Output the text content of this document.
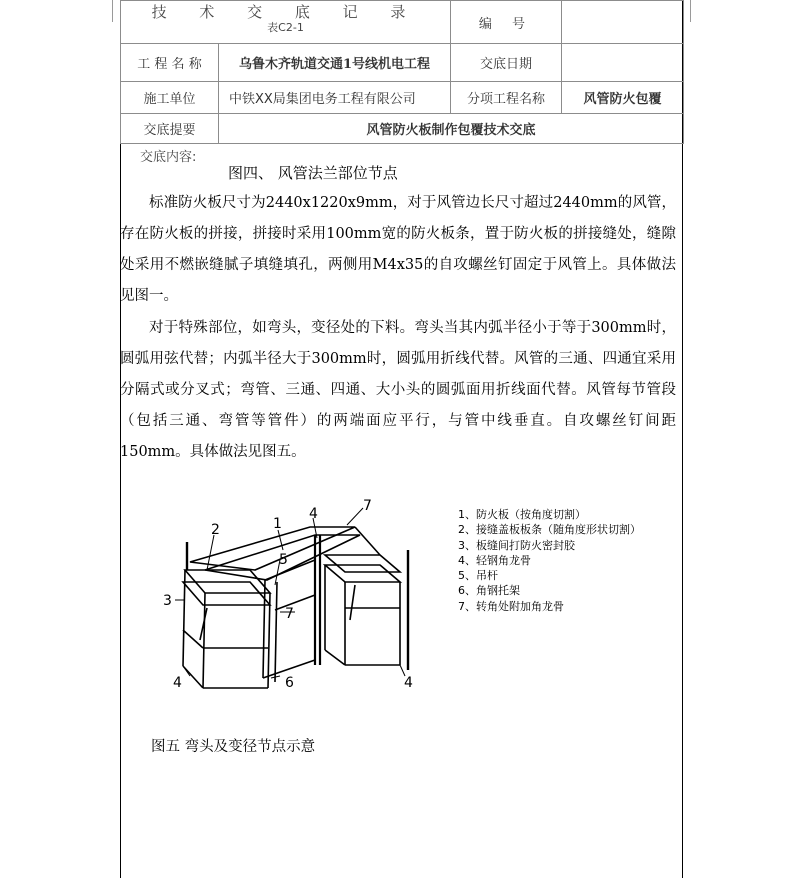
技 术 交 底 记 录
表C2-1		编 号	
工 程 名 称	乌鲁木齐轨道交通1号线机电工程	交底日期	
施工单位	中铁XX局集团电务工程有限公司	分项工程名称	风管防火包覆
交底提要	风管防火板制作包覆技术交底		
交底内容:
图四、 风管法兰部位节点
标准防火板尺寸为2440x1220x9mm，对于风管边长尺寸超过2440mm的风管，存在防火板的拼接，拼接时采用100mm宽的防火板条，置于防火板的拼接缝处，缝隙处采用不燃嵌缝腻子填缝填孔，两侧用M4x35的自攻螺丝钉固定于风管上。具体做法见图一。
对于特殊部位，如弯头，变径处的下料。弯头当其内弧半径小于等于300mm时，圆弧用弦代替；内弧半径大于300mm时，圆弧用折线代替。风管的三通、四通宜采用分隔式或分叉式；弯管、三通、四通、大小头的圆弧面用折线面代替。风管每节管段（包括三通、弯管等管件）的两端面应平行，与管中线垂直。自攻螺丝钉间距150mm。具体做法见图五。
2	1
4	7
5
3
7
4	6	4
1、防火板（按角度切割）
2、接缝盖板板条（随角度形状切割）
3、板缝间打防火密封胶
4、轻钢角龙骨
5、吊杆
6、角钢托架
7、转角处附加角龙骨
图五 弯头及变径节点示意
